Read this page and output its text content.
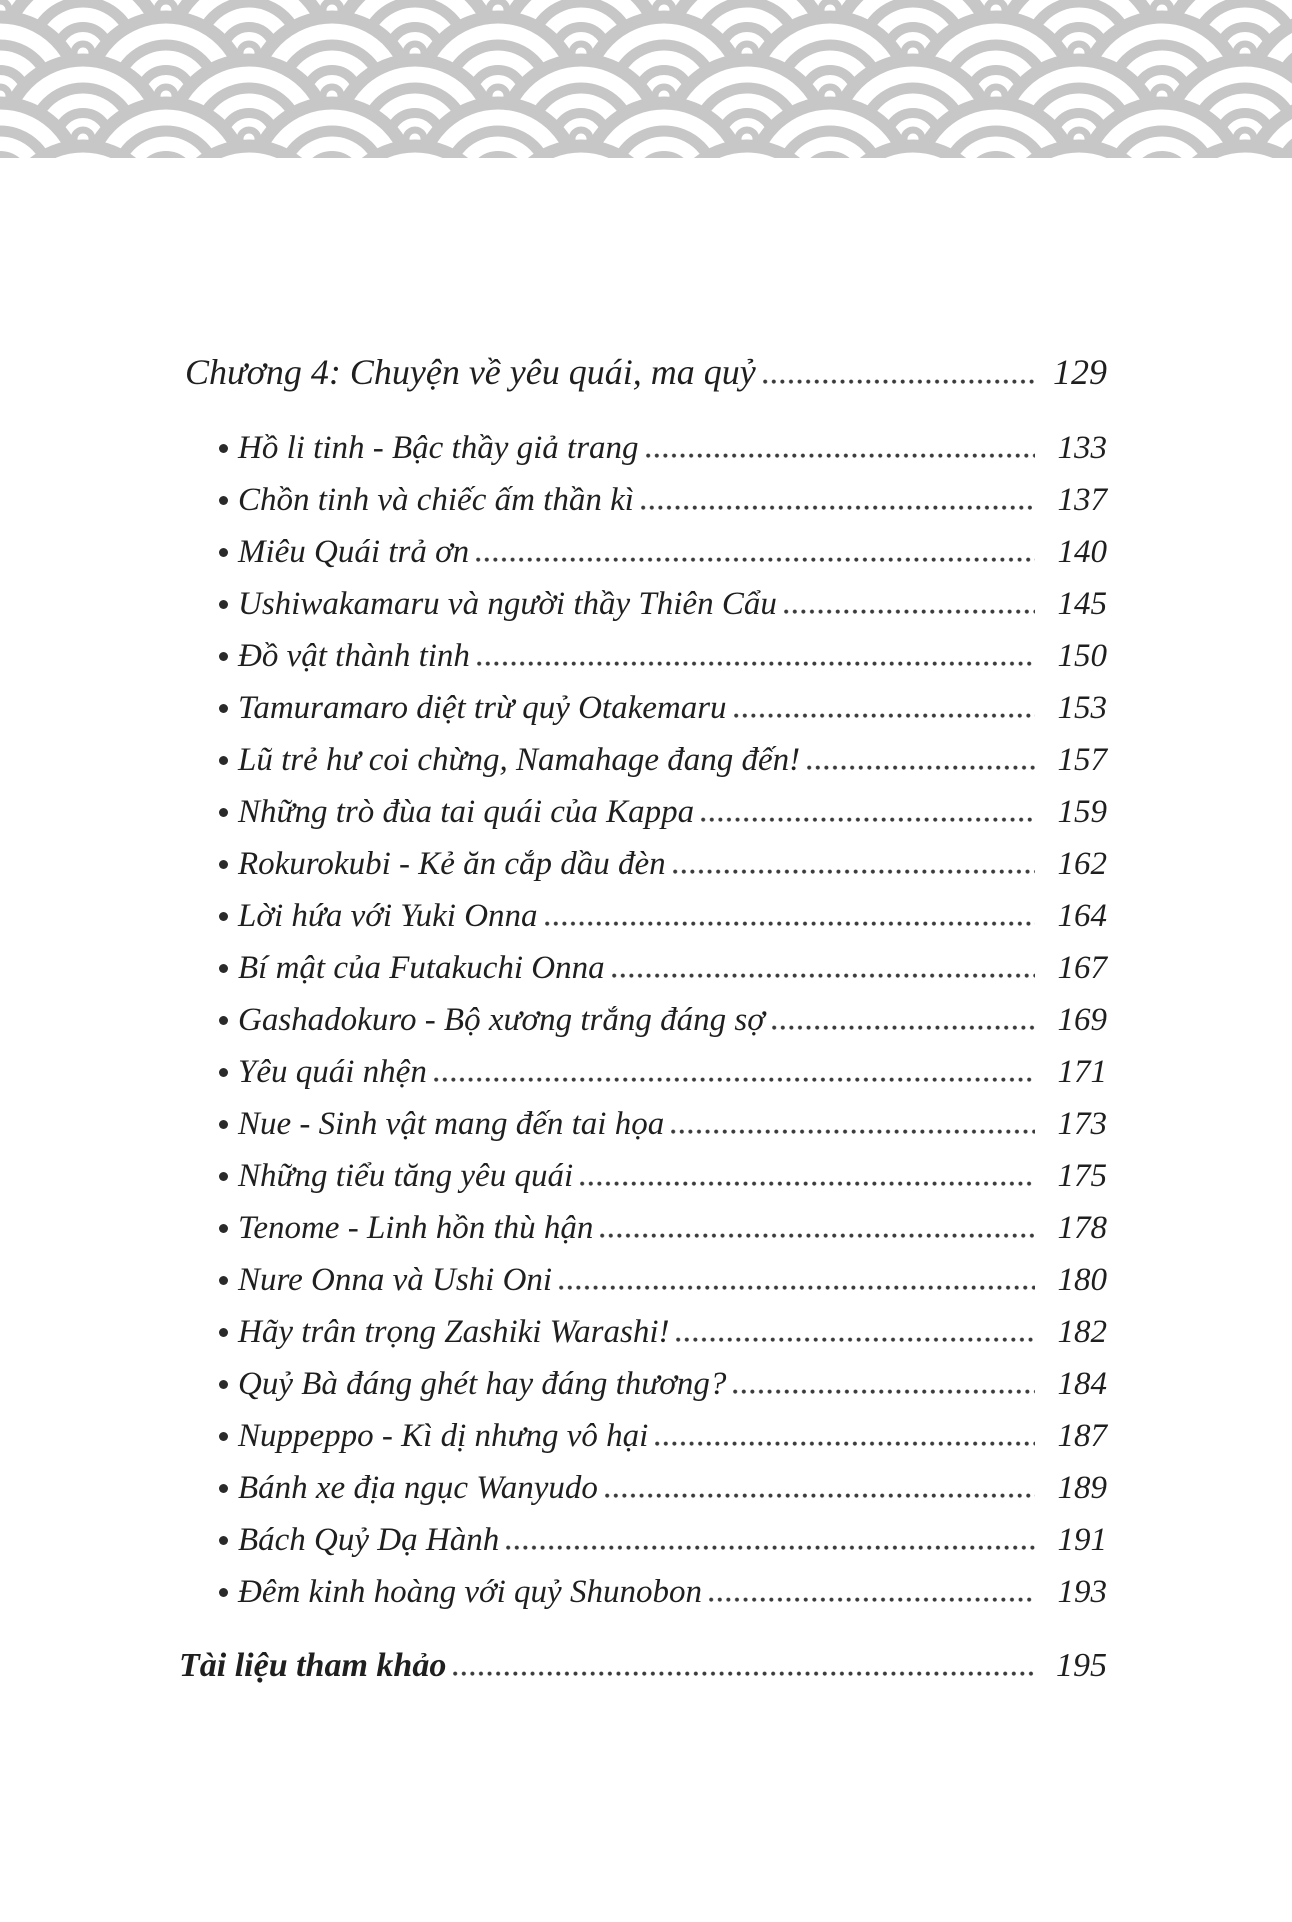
Chương 4: Chuyện về yêu quái, ma quỷ	129
Hồ li tinh - Bậc thầy giả trang	133
Chồn tinh và chiếc ấm thần kì	137
Miêu Quái trả ơn	140
Ushiwakamaru và người thầy Thiên Cẩu	145
Đồ vật thành tinh	150
Tamuramaro diệt trừ quỷ Otakemaru	153
Lũ trẻ hư coi chừng, Namahage đang đến!	157
Những trò đùa tai quái của Kappa	159
Rokurokubi - Kẻ ăn cắp dầu đèn	162
Lời hứa với Yuki Onna	164
Bí mật của Futakuchi Onna	167
Gashadokuro - Bộ xương trắng đáng sợ	169
Yêu quái nhện	171
Nue - Sinh vật mang đến tai họa	173
Những tiểu tăng yêu quái	175
Tenome - Linh hồn thù hận	178
Nure Onna và Ushi Oni	180
Hãy trân trọng Zashiki Warashi!	182
Quỷ Bà đáng ghét hay đáng thương?	184
Nuppeppo - Kì dị nhưng vô hại	187
Bánh xe địa ngục Wanyudo	189
Bách Quỷ Dạ Hành	191
Đêm kinh hoàng với quỷ Shunobon	193
Tài liệu tham khảo	195
